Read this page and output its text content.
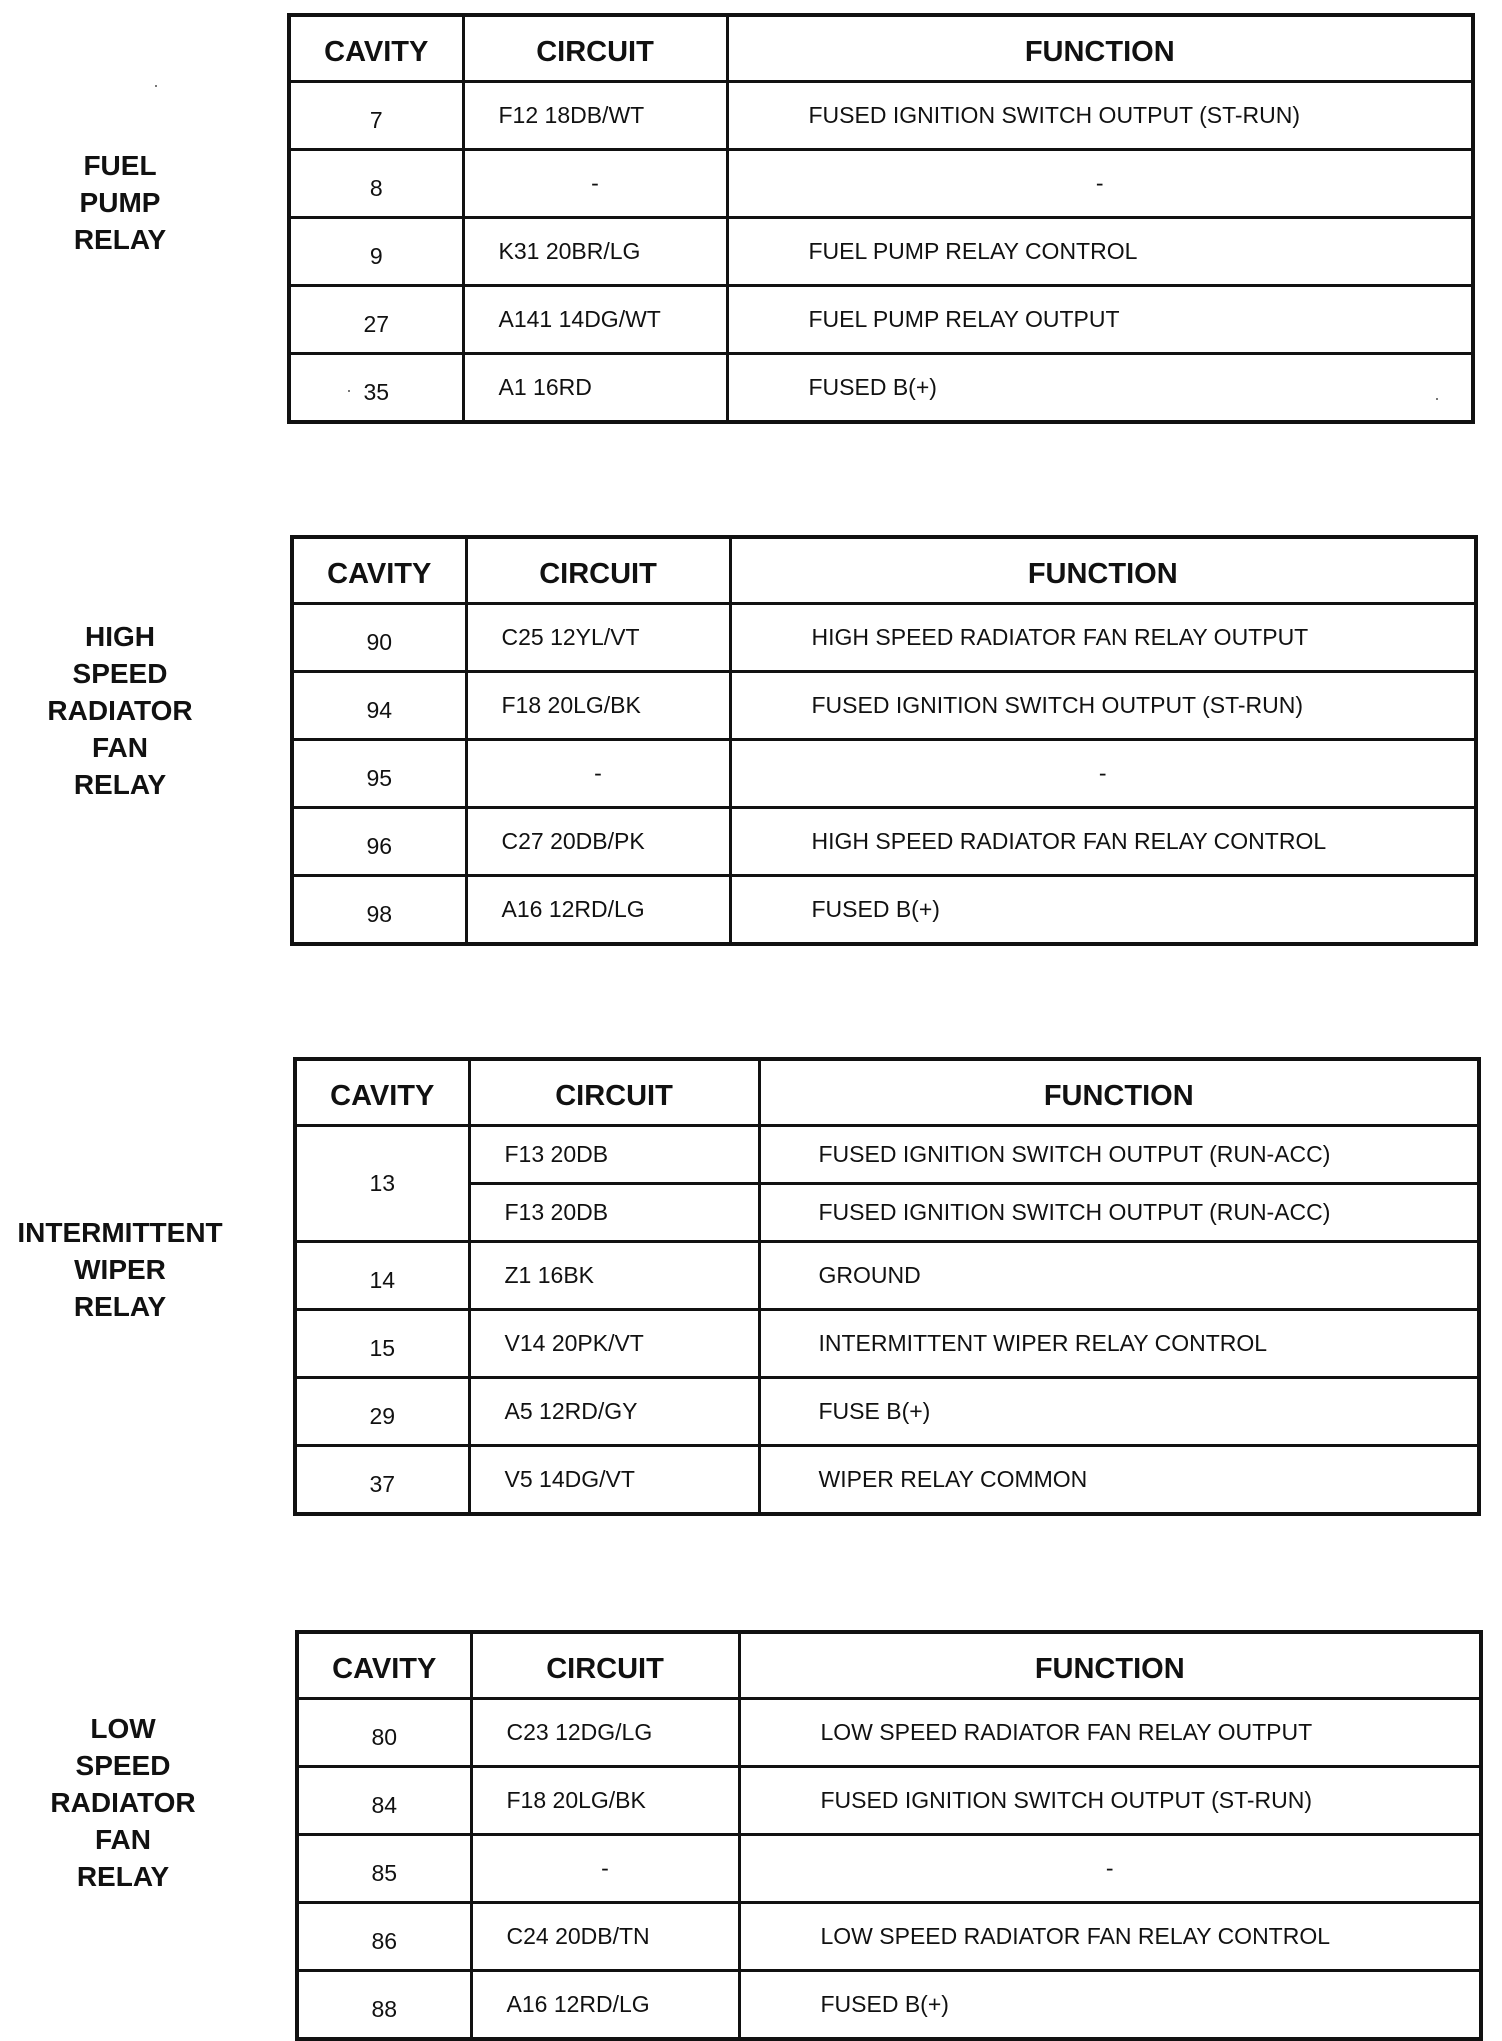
FUEL
PUMP
RELAY
CAVITY	CIRCUIT	FUNCTION
7	F12 18DB/WT	FUSED IGNITION SWITCH OUTPUT (ST-RUN)
8	-	-
9	K31 20BR/LG	FUEL PUMP RELAY CONTROL
27	A141 14DG/WT	FUEL PUMP RELAY OUTPUT
35	A1 16RD	FUSED B(+)
HIGH
SPEED
RADIATOR
FAN
RELAY
CAVITY	CIRCUIT	FUNCTION
90	C25 12YL/VT	HIGH SPEED RADIATOR FAN RELAY OUTPUT
94	F18 20LG/BK	FUSED IGNITION SWITCH OUTPUT (ST-RUN)
95	-	-
96	C27 20DB/PK	HIGH SPEED RADIATOR FAN RELAY CONTROL
98	A16 12RD/LG	FUSED B(+)
INTERMITTENT
WIPER
RELAY
CAVITY	CIRCUIT	FUNCTION
13	F13 20DB	FUSED IGNITION SWITCH OUTPUT (RUN-ACC)
	F13 20DB	FUSED IGNITION SWITCH OUTPUT (RUN-ACC)
14	Z1 16BK	GROUND
15	V14 20PK/VT	INTERMITTENT WIPER RELAY CONTROL
29	A5 12RD/GY	FUSE B(+)
37	V5 14DG/VT	WIPER RELAY COMMON
LOW
SPEED
RADIATOR
FAN
RELAY
CAVITY	CIRCUIT	FUNCTION
80	C23 12DG/LG	LOW SPEED RADIATOR FAN RELAY OUTPUT
84	F18 20LG/BK	FUSED IGNITION SWITCH OUTPUT (ST-RUN)
85	-	-
86	C24 20DB/TN	LOW SPEED RADIATOR FAN RELAY CONTROL
88	A16 12RD/LG	FUSED B(+)
